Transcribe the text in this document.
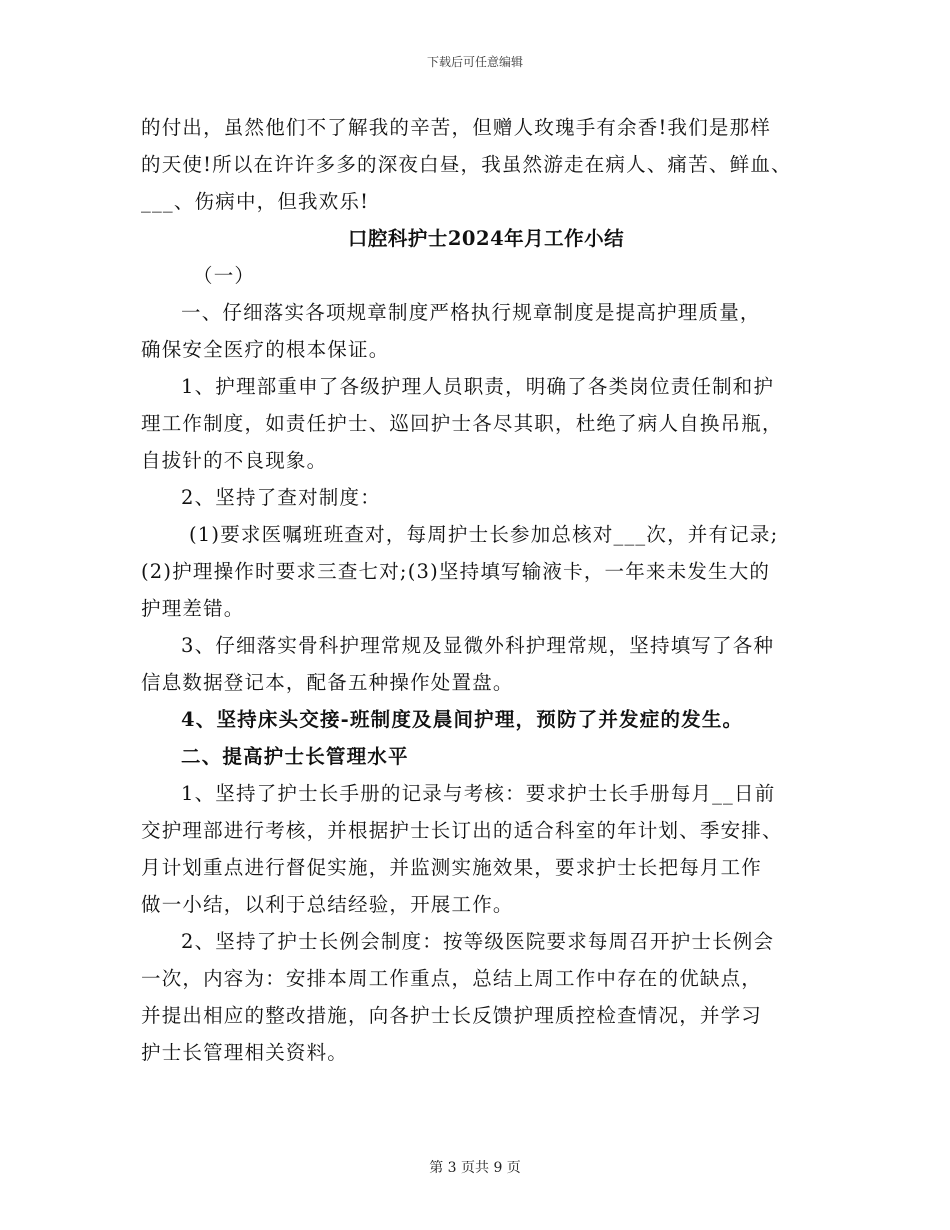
下载后可任意编辑
的付出，虽然他们不了解我的辛苦，但赠人玫瑰手有余香!我们是那样
的天使!所以在许许多多的深夜白昼，我虽然游走在病人、痛苦、鲜血、
___、伤病中，但我欢乐!
口腔科护士2024年月工作小结
（一）
一、仔细落实各项规章制度严格执行规章制度是提高护理质量，
确保安全医疗的根本保证。
1、护理部重申了各级护理人员职责，明确了各类岗位责任制和护
理工作制度，如责任护士、巡回护士各尽其职，杜绝了病人自换吊瓶，
自拔针的不良现象。
2、坚持了查对制度：
(1)要求医嘱班班查对，每周护士长参加总核对___次，并有记录;
(2)护理操作时要求三查七对;(3)坚持填写输液卡，一年来未发生大的
护理差错。
3、仔细落实骨科护理常规及显微外科护理常规，坚持填写了各种
信息数据登记本，配备五种操作处置盘。
4、坚持床头交接-班制度及晨间护理，预防了并发症的发生。
二、提高护士长管理水平
1、坚持了护士长手册的记录与考核：要求护士长手册每月__日前
交护理部进行考核，并根据护士长订出的适合科室的年计划、季安排、
月计划重点进行督促实施，并监测实施效果，要求护士长把每月工作
做一小结，以利于总结经验，开展工作。
2、坚持了护士长例会制度：按等级医院要求每周召开护士长例会
一次，内容为：安排本周工作重点，总结上周工作中存在的优缺点，
并提出相应的整改措施，向各护士长反馈护理质控检查情况，并学习
护士长管理相关资料。
第 3 页共 9 页
